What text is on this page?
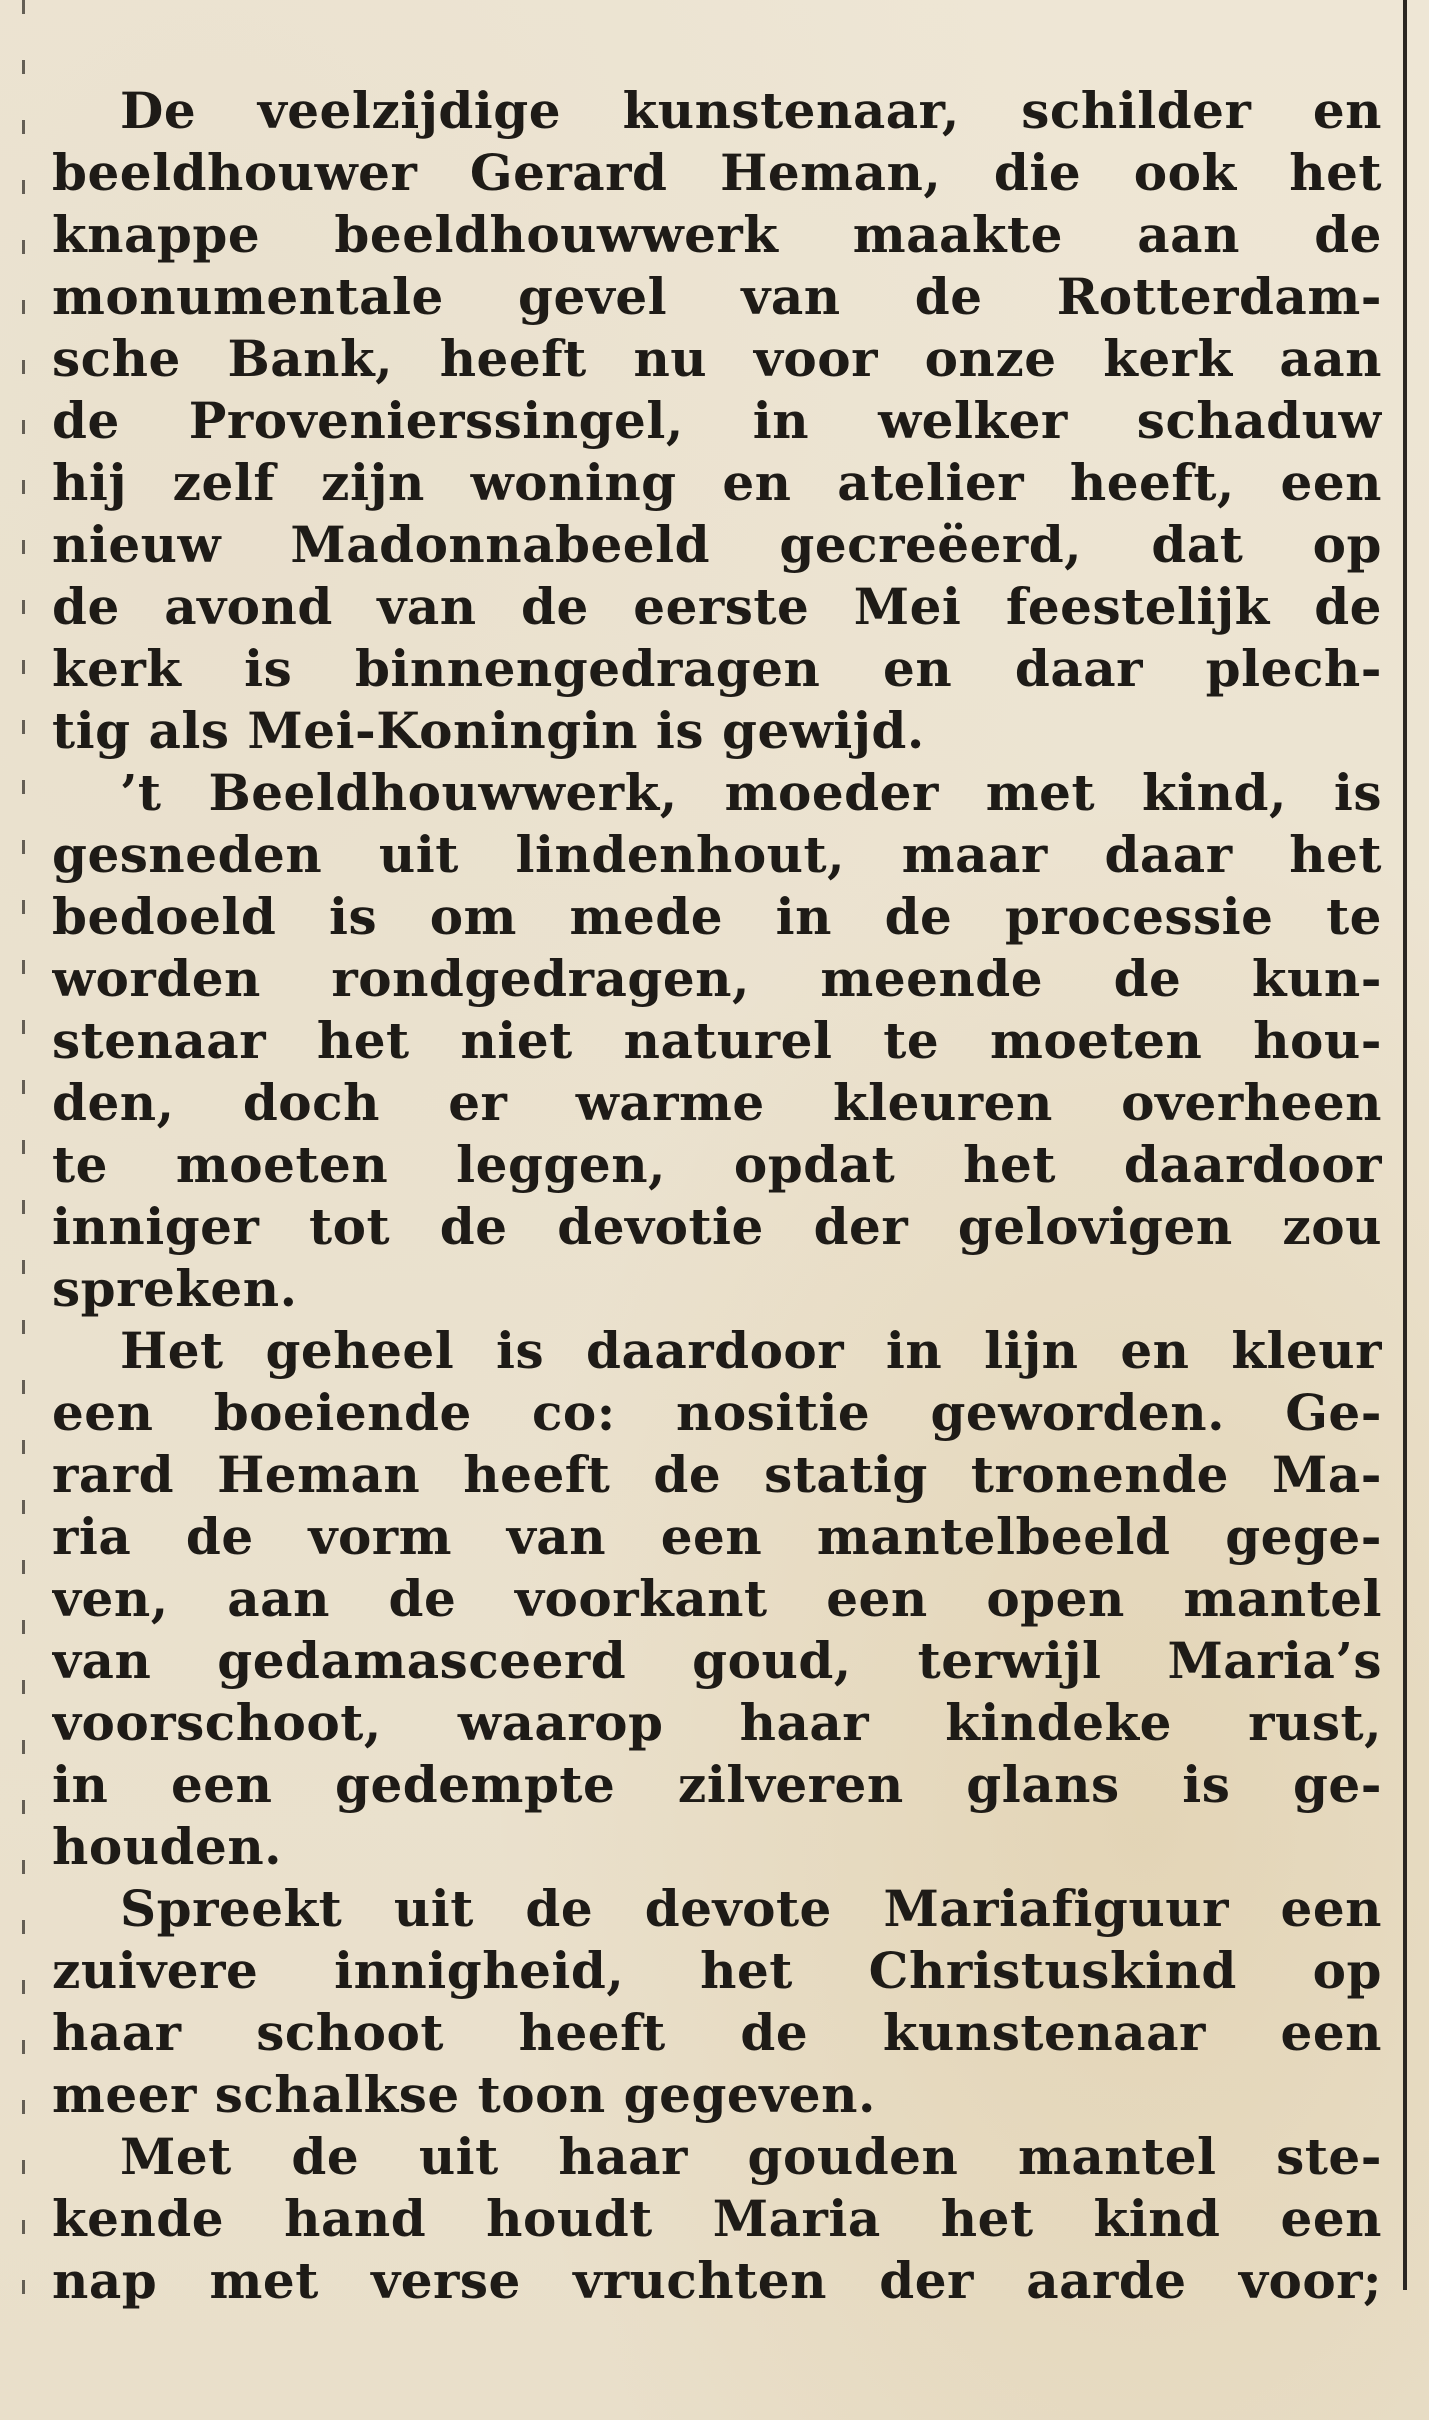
De veelzijdige kunstenaar, schilder en
beeldhouwer Gerard Heman, die ook het
knappe beeldhouwwerk maakte aan de
monumentale gevel van de Rotterdam-
sche Bank, heeft nu voor onze kerk aan
de Provenierssingel, in welker schaduw
hij zelf zijn woning en atelier heeft, een
nieuw Madonnabeeld gecreëerd, dat op
de avond van de eerste Mei feestelijk de
kerk is binnengedragen en daar plech-
tig als Mei-Koningin is gewijd.
’t Beeldhouwwerk, moeder met kind, is
gesneden uit lindenhout, maar daar het
bedoeld is om mede in de processie te
worden rondgedragen, meende de kun-
stenaar het niet naturel te moeten hou-
den, doch er warme kleuren overheen
te moeten leggen, opdat het daardoor
inniger tot de devotie der gelovigen zou
spreken.
Het geheel is daardoor in lijn en kleur
een boeiende co: nositie geworden. Ge-
rard Heman heeft de statig tronende Ma-
ria de vorm van een mantelbeeld gege-
ven, aan de voorkant een open mantel
van gedamasceerd goud, terwijl Maria’s
voorschoot, waarop haar kindeke rust,
in een gedempte zilveren glans is ge-
houden.
Spreekt uit de devote Mariafiguur een
zuivere innigheid, het Christuskind op
haar schoot heeft de kunstenaar een
meer schalkse toon gegeven.
Met de uit haar gouden mantel ste-
kende hand houdt Maria het kind een
nap met verse vruchten der aarde voor;
